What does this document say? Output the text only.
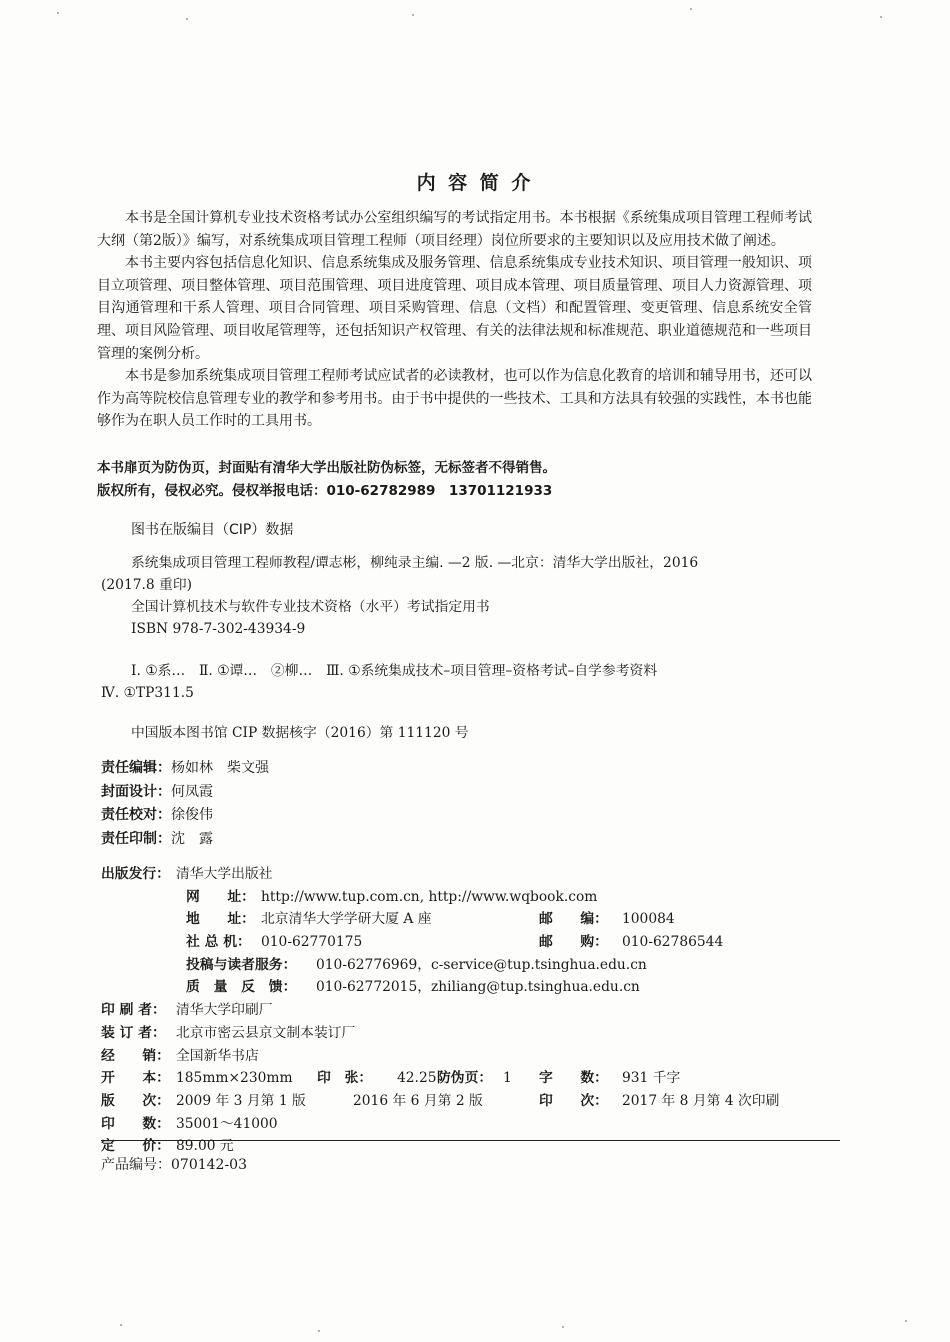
内 容 简 介

本书是全国计算机专业技术资格考试办公室组织编写的考试指定用书。本书根据《系统集成项目管理工程师考试大纲（第2版）》编写，对系统集成项目管理工程师（项目经理）岗位所要求的主要知识以及应用技术做了阐述。

本书主要内容包括信息化知识、信息系统集成及服务管理、信息系统集成专业技术知识、项目管理一般知识、项目立项管理、项目整体管理、项目范围管理、项目进度管理、项目成本管理、项目质量管理、项目人力资源管理、项目沟通管理和干系人管理、项目合同管理、项目采购管理、信息（文档）和配置管理、变更管理、信息系统安全管理、项目风险管理、项目收尾管理等，还包括知识产权管理、有关的法律法规和标准规范、职业道德规范和一些项目管理的案例分析。

本书是参加系统集成项目管理工程师考试应试者的必读教材，也可以作为信息化教育的培训和辅导用书，还可以作为高等院校信息管理专业的教学和参考用书。由于书中提供的一些技术、工具和方法具有较强的实践性，本书也能够作为在职人员工作时的工具用书。

本书扉页为防伪页，封面贴有清华大学出版社防伪标签，无标签者不得销售。
版权所有，侵权必究。侵权举报电话：010-62782989　13701121933
图书在版编目（CIP）数据
系统集成项目管理工程师教程/谭志彬，柳纯录主编. —2 版. —北京：清华大学出版社，2016
(2017.8 重印)
全国计算机技术与软件专业技术资格（水平）考试指定用书
ISBN 978-7-302-43934-9
Ⅰ. ①系…　Ⅱ. ①谭…　②柳…　Ⅲ. ①系统集成技术–项目管理–资格考试–自学参考资料
Ⅳ. ①TP311.5
中国版本图书馆 CIP 数据核字（2016）第 111120 号
责任编辑： 杨如林　柴文强
封面设计： 何凤霞
责任校对： 徐俊伟
责任印制： 沈　露
出版发行： 清华大学出版社
网　　址： http://www.tup.com.cn, http://www.wqbook.com
地　　址： 北京清华大学学研大厦 A 座	邮　　编： 100084
社 总 机： 010-62770175	邮　　购： 010-62786544
投稿与读者服务： 010-62776969，c-service@tup.tsinghua.edu.cn
质　量　反　馈： 010-62772015，zhiliang@tup.tsinghua.edu.cn
印 刷 者： 清华大学印刷厂
装 订 者： 北京市密云县京文制本装订厂
经　　销： 全国新华书店
开　　本： 185mm×230mm 印　张： 42.25 防伪页： 1 字　　数： 931 千字
版　　次： 2009 年 3 月第 1 版	2016 年 6 月第 2 版	印　　次： 2017 年 8 月第 4 次印刷
印　　数： 35001～41000
定　　价： 89.00 元
产品编号：070142-03
